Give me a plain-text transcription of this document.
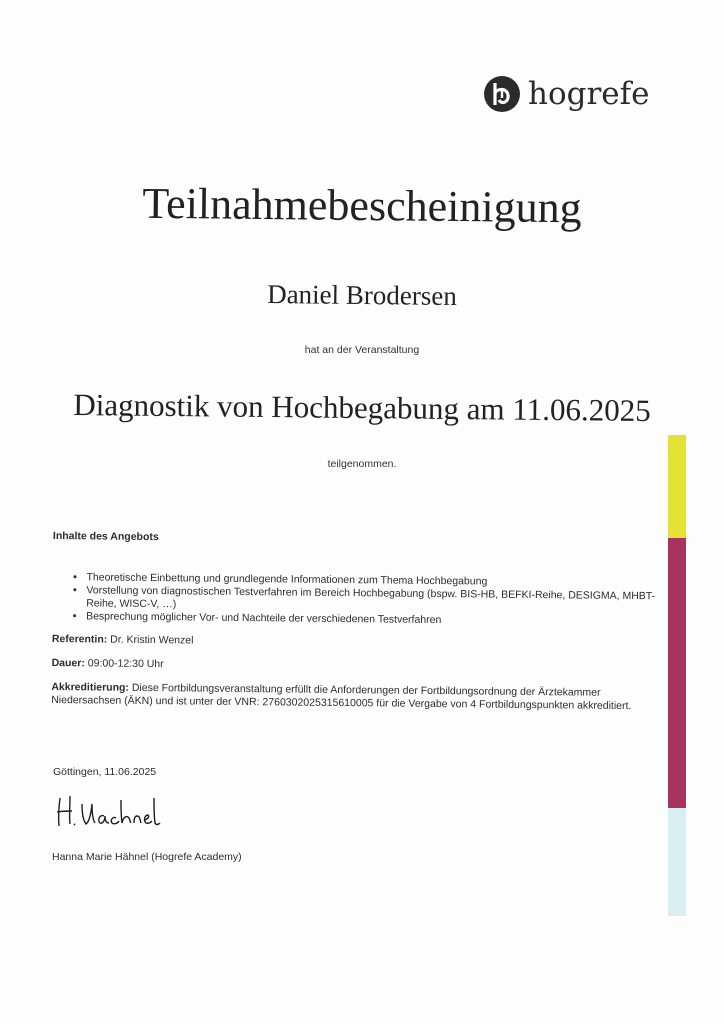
hogrefe
Teilnahmebescheinigung
Daniel Brodersen
hat an der Veranstaltung
Diagnostik von Hochbegabung am 11.06.2025
teilgenommen.
Inhalte des Angebots
• Theoretische Einbettung und grundlegende Informationen zum Thema Hochbegabung
• Vorstellung von diagnostischen Testverfahren im Bereich Hochbegabung (bspw. BIS-HB, BEFKI-Reihe, DESIGMA, MHBT-Reihe, WISC-V, …)
• Besprechung möglicher Vor- und Nachteile der verschiedenen Testverfahren

Referentin: Dr. Kristin Wenzel

Dauer: 09:00-12:30 Uhr

Akkreditierung: Diese Fortbildungsveranstaltung erfüllt die Anforderungen der Fortbildungsordnung der Ärztekammer Niedersachsen (ÄKN) und ist unter der VNR: 2760302025315610005 für die Vergabe von 4 Fortbildungspunkten akkreditiert.

Göttingen, 11.06.2025
Hanna Marie Hähnel (Hogrefe Academy)
